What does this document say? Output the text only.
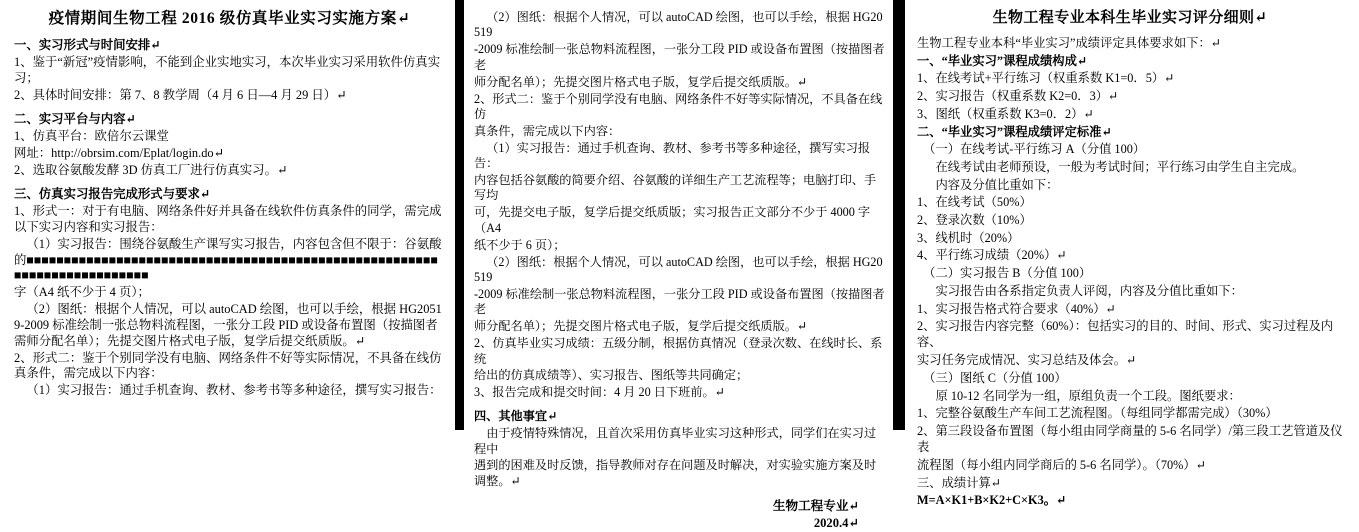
疫情期间生物工程 2016 级仿真毕业实习实施方案↵

一、实习形式与时间安排↵

1、鉴于“新冠”疫情影响，不能到企业实地实习，本次毕业实习采用软件仿真实习；

2、具体时间安排：第 7、8 教学周（4 月 6 日—4 月 29 日）↵

二、实习平台与内容↵

1、仿真平台：欧倍尔云课堂

网址：http://obrsim.com/Eplat/login.do↵

2、选取谷氨酸发酵 3D 仿真工厂进行仿真实习。↵

三、仿真实习报告完成形式与要求↵

1、形式一：对于有电脑、网络条件好并具备在线软件仿真条件的同学，需完成以下实习内容和实习报告：

（1）实习报告：围绕谷氨酸生产课写实习报告，内容包含但不限于：谷氨酸的■■■■■■■■■■■■■■■■■■■■■■■■■■■■■■■■■■■■■■■■■■■■■■■■■■■■■■■■■■■■■■■■■■■■■■■■■

字（A4 纸不少于 4 页）；

（2）图纸：根据个人情况，可以 autoCAD 绘图，也可以手绘，根据 HG20519-2009 标准绘制一张总物料流程图，一张分工段 PID 或设备布置图（按描图者需师分配名单）；先提交图片格式电子版，复学后提交纸质版。↵

2、形式二：鉴于个别同学没有电脑、网络条件不好等实际情况，不具备在线仿真条件，需完成以下内容：

（1）实习报告：通过手机查询、教材、参考书等多种途径，撰写实习报告：

（2）图纸：根据个人情况，可以 autoCAD 绘图，也可以手绘，根据 HG20519

-2009 标准绘制一张总物料流程图，一张分工段 PID 或设备布置图（按描图者老

师分配名单）；先提交图片格式电子版，复学后提交纸质版。↵

2、形式二：鉴于个别同学没有电脑、网络条件不好等实际情况，不具备在线仿

真条件，需完成以下内容：

（1）实习报告：通过手机查询、教材、参考书等多种途径，撰写实习报告：

内容包括谷氨酸的简要介绍、谷氨酸的详细生产工艺流程等；电脑打印、手写均

可，先提交电子版，复学后提交纸质版；实习报告正文部分不少于 4000 字（A4

纸不少于 6 页）；

（2）图纸：根据个人情况，可以 autoCAD 绘图，也可以手绘，根据 HG20519

-2009 标准绘制一张总物料流程图，一张分工段 PID 或设备布置图（按描图者老

师分配名单）；先提交图片格式电子版，复学后提交纸质版。↵

2、仿真毕业实习成绩：五级分制，根据仿真情况（登录次数、在线时长、系统

给出的仿真成绩等）、实习报告、图纸等共同确定；

3、报告完成和提交时间：4 月 20 日下班前。↵

四、其他事宜↵

由于疫情特殊情况，且首次采用仿真毕业实习这种形式，同学们在实习过程中

遇到的困难及时反馈，指导教师对存在问题及时解决，对实验实施方案及时调整。↵

生物工程专业↵

2020.4↵

生物工程专业本科生毕业实习评分细则↵

生物工程专业本科“毕业实习”成绩评定具体要求如下：↵

一、“毕业实习”课程成绩构成↵

1、在线考试+平行练习（权重系数 K1=0．5）↵

2、实习报告（权重系数 K2=0．3）↵

3、图纸（权重系数 K3=0．2）↵

二、“毕业实习”课程成绩评定标准↵

（一）在线考试-平行练习 A（分值 100）

在线考试由老师预设，一般为考试时间；平行练习由学生自主完成。

内容及分值比重如下：

1、在线考试（50%）

2、登录次数（10%）

3、线机时（20%）

4、平行练习成绩（20%）↵

（二）实习报告 B（分值 100）

实习报告由各系指定负责人评阅，内容及分值比重如下：

1、实习报告格式符合要求（40%）↵

2、实习报告内容完整（60%）：包括实习的目的、时间、形式、实习过程及内容、

实习任务完成情况、实习总结及体会。↵

（三）图纸 C（分值 100）

原 10-12 名同学为一组，原组负责一个工段。图纸要求：

1、完整谷氨酸生产车间工艺流程图。（每组同学都需完成）（30%）

2、第三段设备布置图（每小组由同学商量的 5-6 名同学）/第三段工艺管道及仪表

流程图（每小组内同学商后的 5-6 名同学）。（70%）↵

三、成绩计算↵

M=A×K1+B×K2+C×K3。↵
